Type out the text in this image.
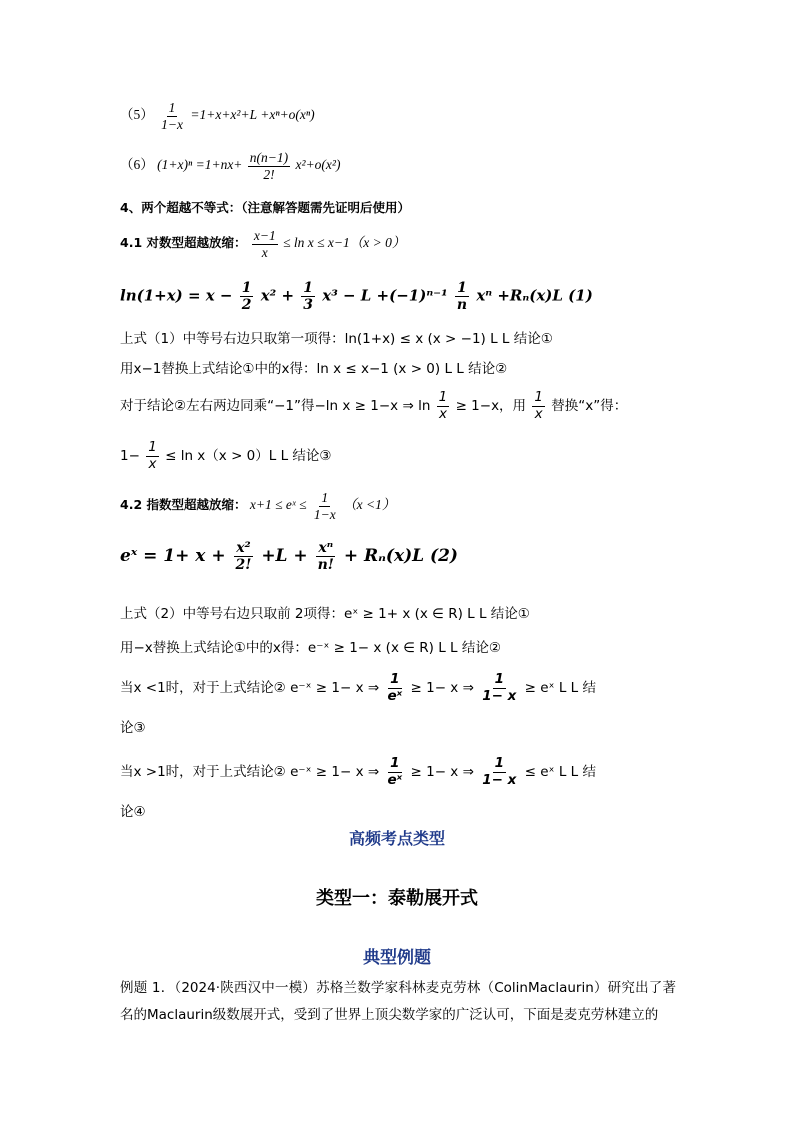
$(5) \frac{1}{1-x} =1+x+x^2+L +x^n+o(x^n)$
（6） $(1+x)^n =1+nx+ \frac{n(n-1)}{2!} x^2+o(x^2)$
4、两个超越不等式：（注意解答题需先证明后使用）
4.1 对数型超越放缩： $\frac{x-1}{x} \le \ln x \le x-1(x > 0)$
$\ln(1+x) = x - \frac{1}{2} x^2 + \frac{1}{3} x^3 - L +(-1)^{n-1} \frac{1}{n}$ xⁿ +Rₙ(x)L (1)
上式（1）中等号右边只取第一项得：ln(1+x) ≤ x (x > −1) L L 结论①
用x−1替换上式结论①中的x得：ln x ≤ x−1 (x > 0) L L 结论②
对于结论②左右两边同乘“−1”得−ln x ≥ 1−x ⇒ $\ln \frac{1}{x} \ge 1-x$，用 $\frac{1}{x}$ 替换“x”得：
$1- \frac{1}{x} \le \ln x(x > 0)L$ L 结论③
4.2 指数型超越放缩： x+1 ≤ eˣ ≤ $\frac{1}{1-x} (x <1)$
eˣ = $1+ x + \frac{\text{x²}}{2!} +L + \frac{\text{xⁿ}}{n!} + R_n(x)L$ (2)
上式（2）中等号右边只取前 2项得：eˣ ≥ 1+ x (x ∈ R) L L 结论①
用−x替换上式结论①中的x得：e⁻ˣ ≥ 1− x (x ∈ R) L L 结论②
当x <1时，对于上式结论② e⁻ˣ ≥ 1− x ⇒ $\frac{1}{\text{eˣ}} \ge 1- x$ ⇒ $\frac{1}{1- x}$ ≥ eˣ L L 结
论③
当x >1时，对于上式结论② e⁻ˣ ≥ 1− x ⇒ $\frac{1}{\text{eˣ}} \ge 1- x$ ⇒ $\frac{1}{1- x}$ ≤ eˣ L L 结
论④
高频考点类型
类型一：泰勒展开式
典型例题
例题 1．（2024·陕西汉中一模）苏格兰数学家科林麦克劳林（ColinMaclaurin）研究出了著名的Maclaurin级数展开式，受到了世界上顶尖数学家的广泛认可，下面是麦克劳林建立的
